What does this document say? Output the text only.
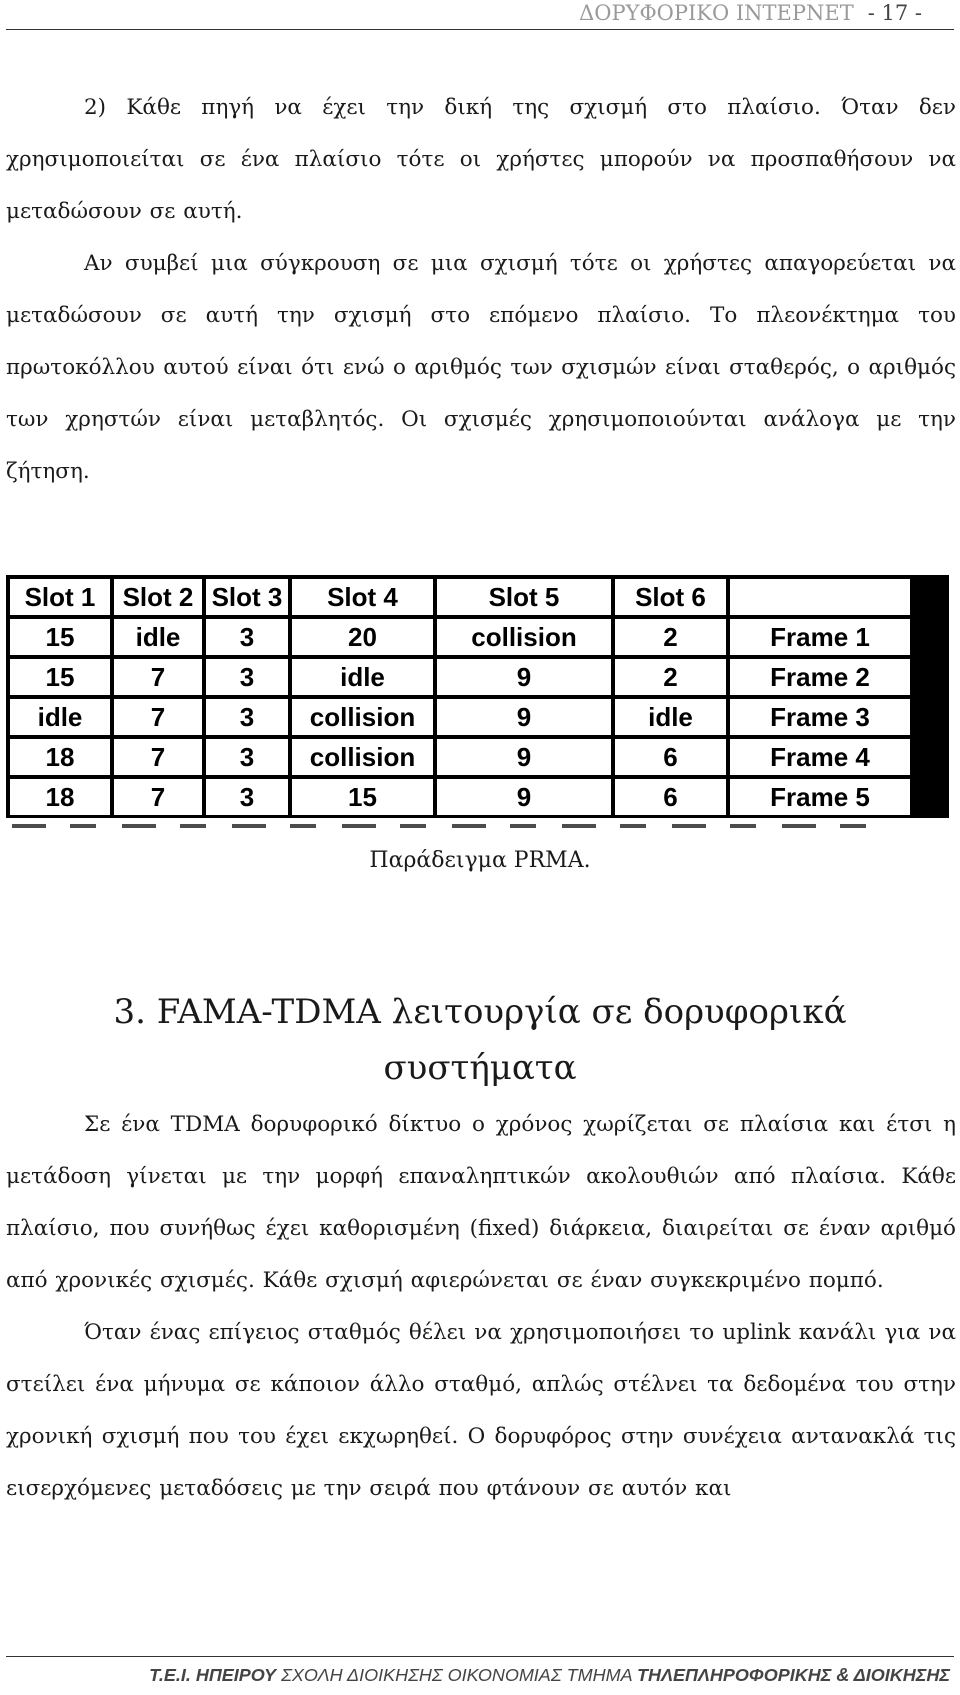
ΔΟΡΥΦΟΡΙΚΟ ΙΝΤΕΡΝΕΤ - 17 -

2) Κάθε πηγή να έχει την δική της σχισμή στο πλαίσιο. Όταν δεν χρησιμοποιείται σε ένα πλαίσιο τότε οι χρήστες μπορούν να προσπαθήσουν να μεταδώσουν σε αυτή.

Αν συμβεί μια σύγκρουση σε μια σχισμή τότε οι χρήστες απαγορεύεται να μεταδώσουν σε αυτή την σχισμή στο επόμενο πλαίσιο. Το πλεονέκτημα του πρωτοκόλλου αυτού είναι ότι ενώ ο αριθμός των σχισμών είναι σταθερός, ο αριθμός των χρηστών είναι μεταβλητός. Οι σχισμές χρησιμοποιούνται ανάλογα με την ζήτηση.

Slot 1	Slot 2	Slot 3	Slot 4	Slot 5	Slot 6	
15	idle	3	20	collision	2	Frame 1
15	7	3	idle	9	2	Frame 2
idle	7	3	collision	9	idle	Frame 3
18	7	3	collision	9	6	Frame 4
18	7	3	15	9	6	Frame 5
Παράδειγμα PRMA.
3. FAMA-TDMA λειτουργία σε δορυφορικά συστήματα

Σε ένα TDMA δορυφορικό δίκτυο ο χρόνος χωρίζεται σε πλαίσια και έτσι η μετάδοση γίνεται με την μορφή επαναληπτικών ακολουθιών από πλαίσια. Κάθε πλαίσιο, που συνήθως έχει καθορισμένη (fixed) διάρκεια, διαιρείται σε έναν αριθμό από χρονικές σχισμές. Κάθε σχισμή αφιερώνεται σε έναν συγκεκριμένο πομπό.

Όταν ένας επίγειος σταθμός θέλει να χρησιμοποιήσει το uplink κανάλι για να στείλει ένα μήνυμα σε κάποιον άλλο σταθμό, απλώς στέλνει τα δεδομένα του στην χρονική σχισμή που του έχει εκχωρηθεί. Ο δορυφόρος στην συνέχεια αντανακλά τις εισερχόμενες μεταδόσεις με την σειρά που φτάνουν σε αυτόν και

Τ.Ε.Ι. ΗΠΕΙΡΟΥ ΣΧΟΛΗ ΔΙΟΙΚΗΣΗΣ ΟΙΚΟΝΟΜΙΑΣ ΤΜΗΜΑ ΤΗΛΕΠΛΗΡΟΦΟΡΙΚΗΣ & ΔΙΟΙΚΗΣΗΣ
